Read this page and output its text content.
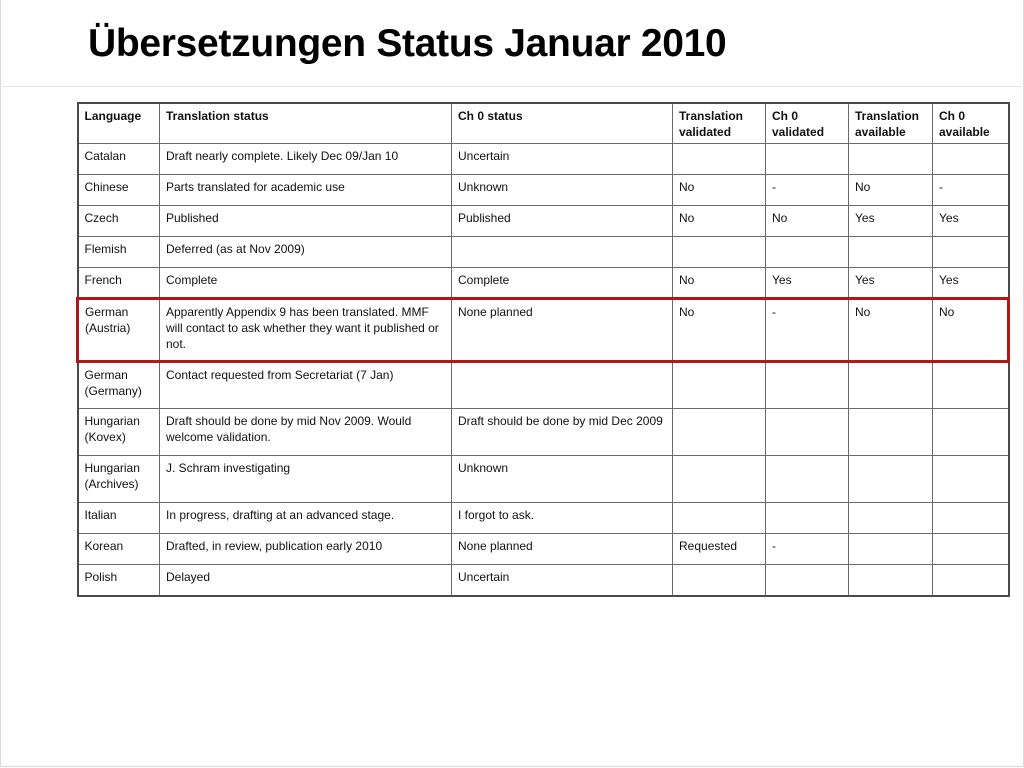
Übersetzungen Status Januar 2010
Language	Translation status	Ch 0 status	Translation validated	Ch 0 validated	Translation available	Ch 0 available
Catalan	Draft nearly complete. Likely Dec 09/Jan 10	Uncertain				
Chinese	Parts translated for academic use	Unknown	No	-	No	-
Czech	Published	Published	No	No	Yes	Yes
Flemish	Deferred (as at Nov 2009)					
French	Complete	Complete	No	Yes	Yes	Yes
German (Austria)	Apparently Appendix 9 has been translated. MMF will contact to ask whether they want it published or not.	None planned	No	-	No	No
German (Germany)	Contact requested from Secretariat (7 Jan)					
Hungarian (Kovex)	Draft should be done by mid Nov 2009. Would welcome validation.	Draft should be done by mid Dec 2009				
Hungarian (Archives)	J. Schram investigating	Unknown				
Italian	In progress, drafting at an advanced stage.	I forgot to ask.				
Korean	Drafted, in review, publication early 2010	None planned	Requested	-		
Polish	Delayed	Uncertain				
